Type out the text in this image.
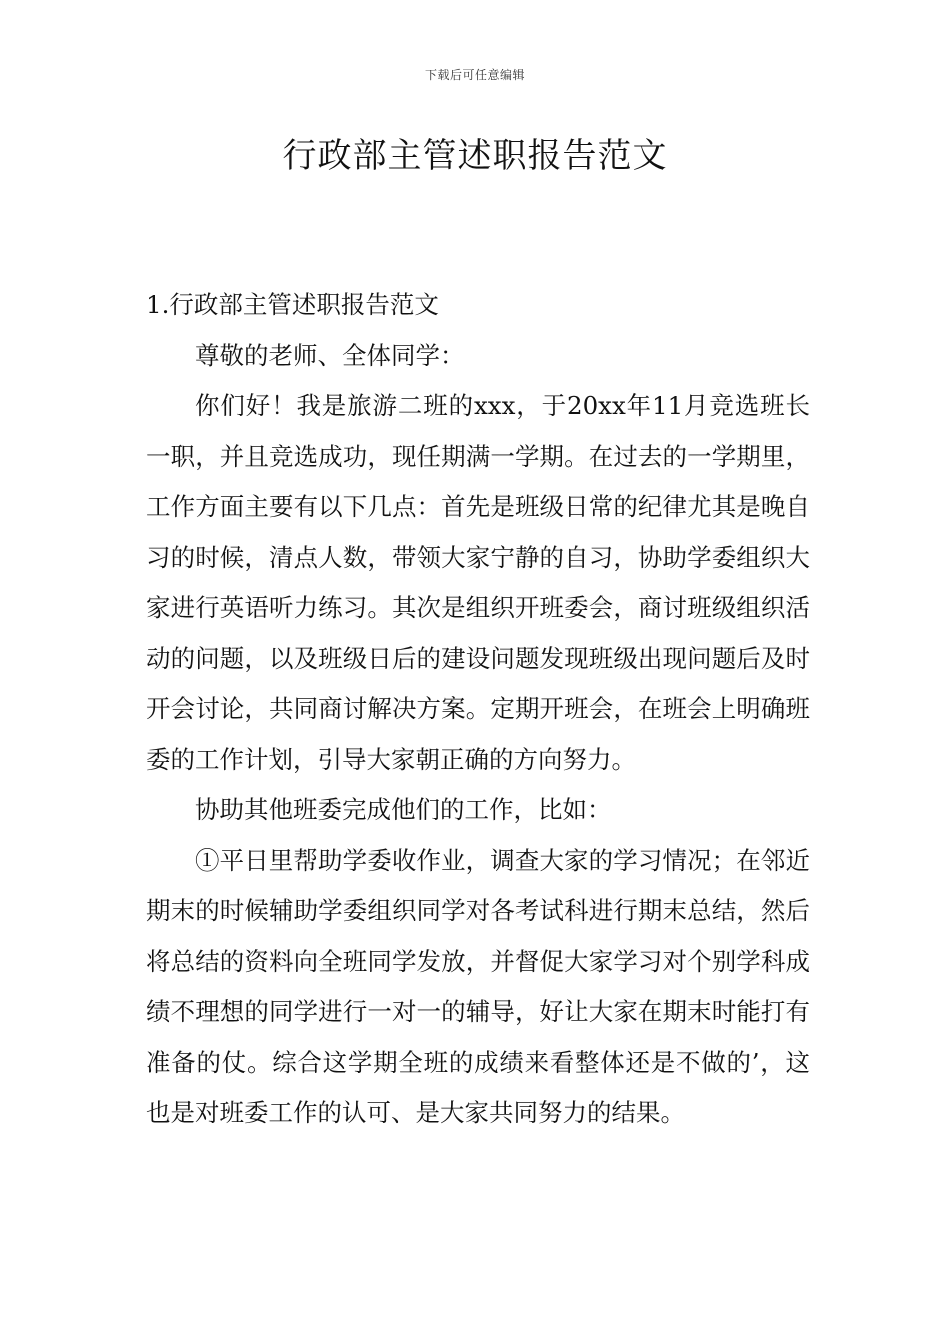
下载后可任意编辑
行政部主管述职报告范文

1.行政部主管述职报告范文

尊敬的老师、全体同学：

你们好！我是旅游二班的xxx，于20xx年11月竞选班长一职，并且竞选成功，现任期满一学期。在过去的一学期里，工作方面主要有以下几点：首先是班级日常的纪律尤其是晚自习的时候，清点人数，带领大家宁静的自习，协助学委组织大家进行英语听力练习。其次是组织开班委会，商讨班级组织活动的问题，以及班级日后的建设问题发现班级出现问题后及时开会讨论，共同商讨解决方案。定期开班会，在班会上明确班委的工作计划，引导大家朝正确的方向努力。

协助其他班委完成他们的工作，比如：

①平日里帮助学委收作业，调查大家的学习情况；在邻近期末的时候辅助学委组织同学对各考试科进行期末总结，然后将总结的资料向全班同学发放，并督促大家学习对个别学科成绩不理想的同学进行一对一的辅导，好让大家在期末时能打有准备的仗。综合这学期全班的成绩来看整体还是不做的’，这也是对班委工作的认可、是大家共同努力的结果。
